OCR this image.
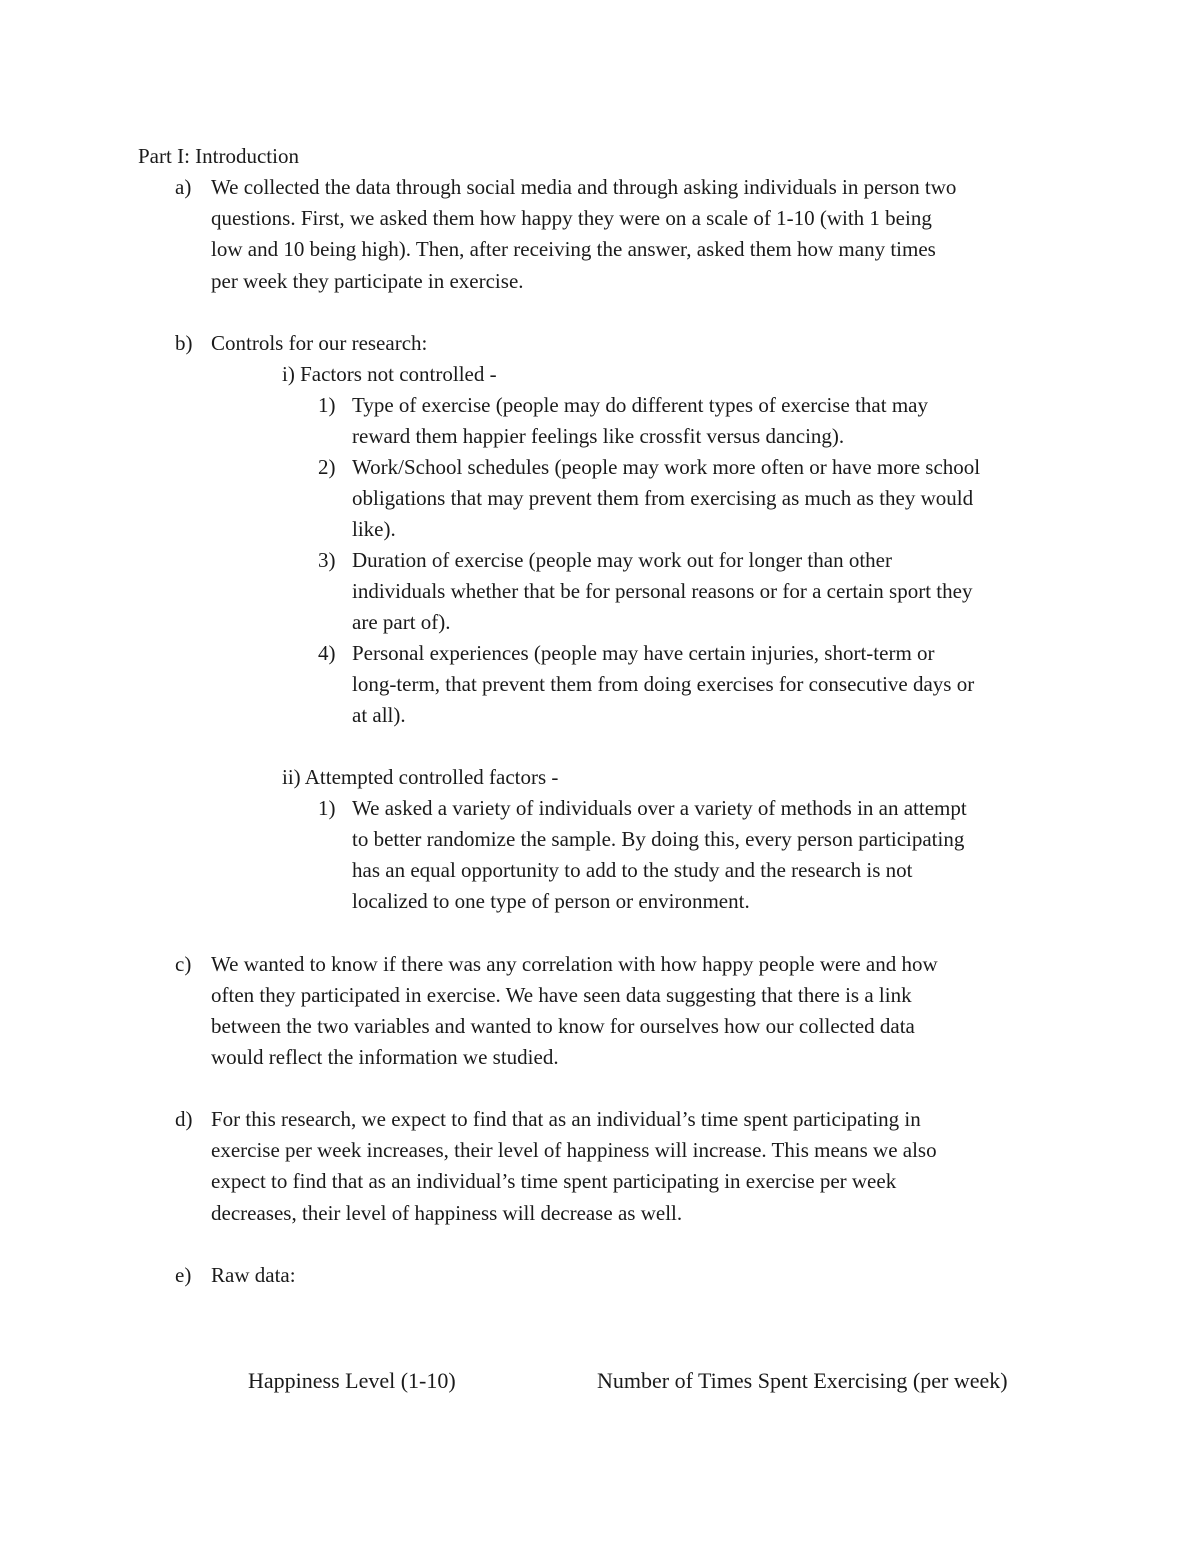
Part I: Introduction
a) We collected the data through social media and through asking individuals in person two
questions. First, we asked them how happy they were on a scale of 1-10 (with 1 being
low and 10 being high). Then, after receiving the answer, asked them how many times
per week they participate in exercise.
b) Controls for our research:
i) Factors not controlled -
1) Type of exercise (people may do different types of exercise that may
reward them happier feelings like crossfit versus dancing).
2) Work/School schedules (people may work more often or have more school
obligations that may prevent them from exercising as much as they would
like).
3) Duration of exercise (people may work out for longer than other
individuals whether that be for personal reasons or for a certain sport they
are part of).
4) Personal experiences (people may have certain injuries, short-term or
long-term, that prevent them from doing exercises for consecutive days or
at all).
ii) Attempted controlled factors -
1) We asked a variety of individuals over a variety of methods in an attempt
to better randomize the sample. By doing this, every person participating
has an equal opportunity to add to the study and the research is not
localized to one type of person or environment.
c) We wanted to know if there was any correlation with how happy people were and how
often they participated in exercise. We have seen data suggesting that there is a link
between the two variables and wanted to know for ourselves how our collected data
would reflect the information we studied.
d) For this research, we expect to find that as an individual’s time spent participating in
exercise per week increases, their level of happiness will increase. This means we also
expect to find that as an individual’s time spent participating in exercise per week
decreases, their level of happiness will decrease as well.
e) Raw data:
Happiness Level (1-10)	Number of Times Spent Exercising (per week)
